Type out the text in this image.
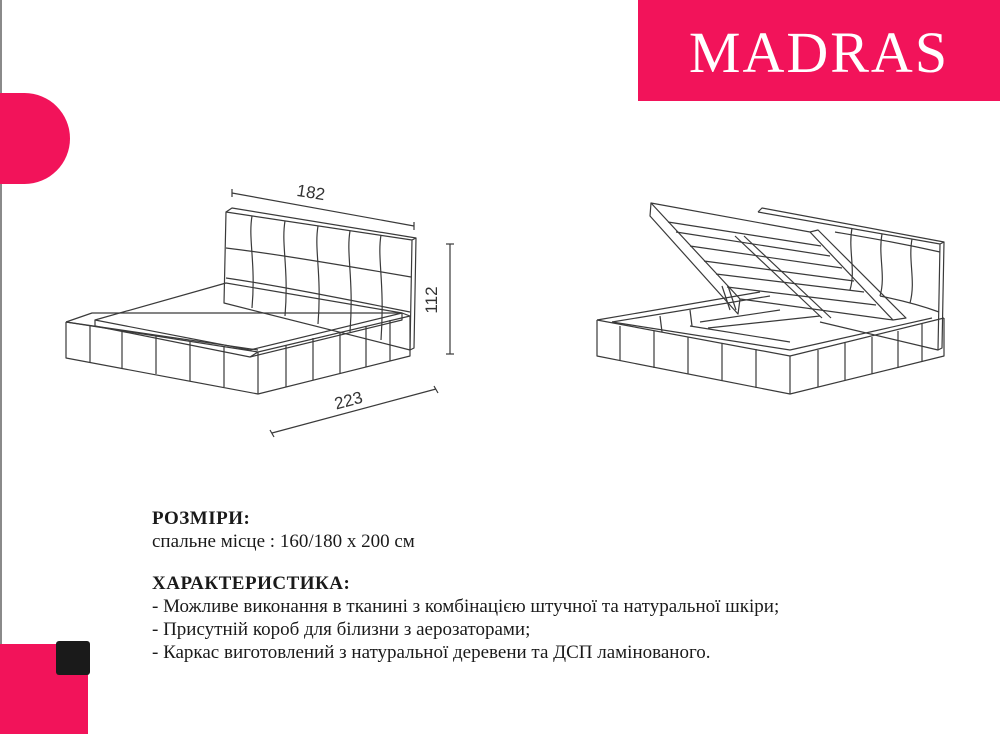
MADRAS
182
112
223
РОЗМІРИ:
спальне місце : 160/180 х 200 см
ХАРАКТЕРИСТИКА:
- Можливе виконання в тканині з комбінацією штучної та натуральної шкіри;
- Присутній короб для білизни з аерозаторами;
- Каркас виготовлений з натуральної деревени та ДСП ламінованого.
